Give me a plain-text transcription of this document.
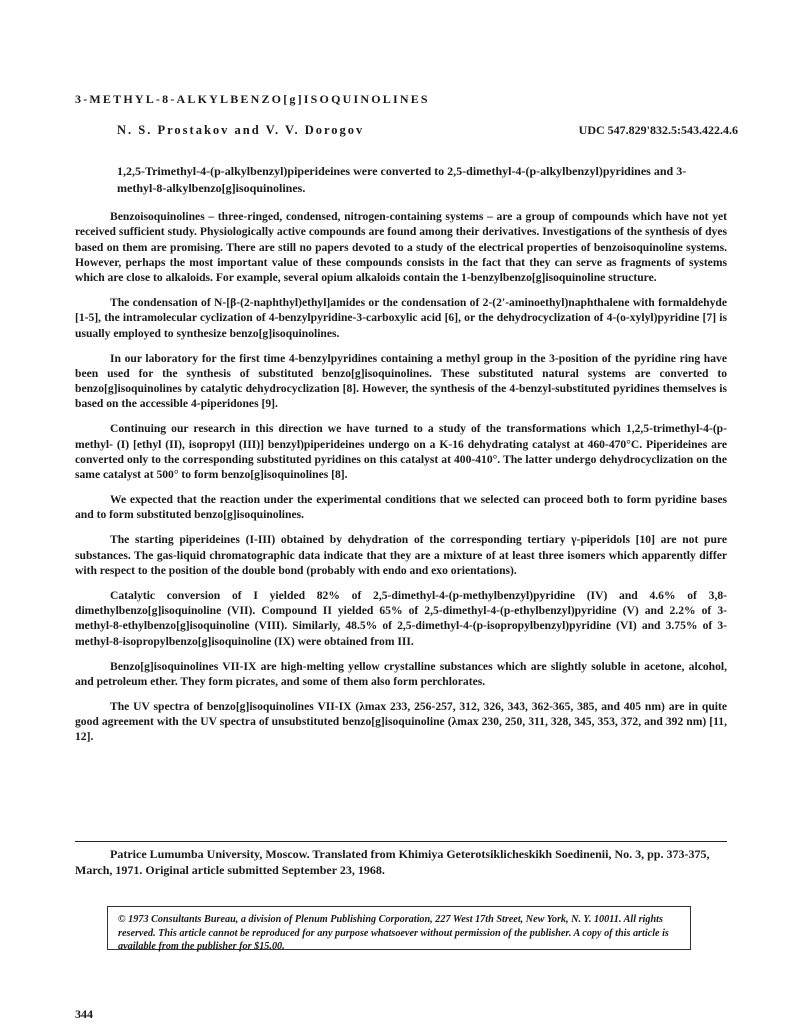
3-METHYL-8-ALKYLBENZO[g]ISOQUINOLINES
N. S. Prostakov and V. V. Dorogov	UDC 547.829'832.5:543.422.4.6
1,2,5-Trimethyl-4-(p-alkylbenzyl)piperideines were converted to 2,5-dimethyl-4-(p-alkylbenzyl)pyridines and 3-methyl-8-alkylbenzo[g]isoquinolines.

Benzoisoquinolines – three-ringed, condensed, nitrogen-containing systems – are a group of compounds which have not yet received sufficient study. Physiologically active compounds are found among their derivatives. Investigations of the synthesis of dyes based on them are promising. There are still no papers devoted to a study of the electrical properties of benzoisoquinoline systems. However, perhaps the most important value of these compounds consists in the fact that they can serve as fragments of systems which are close to alkaloids. For example, several opium alkaloids contain the 1-benzylbenzo[g]isoquinoline structure.

The condensation of N-[β-(2-naphthyl)ethyl]amides or the condensation of 2-(2'-aminoethyl)naphthalene with formaldehyde [1-5], the intramolecular cyclization of 4-benzylpyridine-3-carboxylic acid [6], or the dehydrocyclization of 4-(o-xylyl)pyridine [7] is usually employed to synthesize benzo[g]isoquinolines.

In our laboratory for the first time 4-benzylpyridines containing a methyl group in the 3-position of the pyridine ring have been used for the synthesis of substituted benzo[g]isoquinolines. These substituted natural systems are converted to benzo[g]isoquinolines by catalytic dehydrocyclization [8]. However, the synthesis of the 4-benzyl-substituted pyridines themselves is based on the accessible 4-piperidones [9].

Continuing our research in this direction we have turned to a study of the transformations which 1,2,5-trimethyl-4-(p-methyl- (I) [ethyl (II), isopropyl (III)] benzyl)piperideines undergo on a K-16 dehydrating catalyst at 460-470°C. Piperideines are converted only to the corresponding substituted pyridines on this catalyst at 400-410°. The latter undergo dehydrocyclization on the same catalyst at 500° to form benzo[g]isoquinolines [8].

We expected that the reaction under the experimental conditions that we selected can proceed both to form pyridine bases and to form substituted benzo[g]isoquinolines.

The starting piperideines (I-III) obtained by dehydration of the corresponding tertiary γ-piperidols [10] are not pure substances. The gas-liquid chromatographic data indicate that they are a mixture of at least three isomers which apparently differ with respect to the position of the double bond (probably with endo and exo orientations).

Catalytic conversion of I yielded 82% of 2,5-dimethyl-4-(p-methylbenzyl)pyridine (IV) and 4.6% of 3,8-dimethylbenzo[g]isoquinoline (VII). Compound II yielded 65% of 2,5-dimethyl-4-(p-ethylbenzyl)pyridine (V) and 2.2% of 3-methyl-8-ethylbenzo[g]isoquinoline (VIII). Similarly, 48.5% of 2,5-dimethyl-4-(p-isopropylbenzyl)pyridine (VI) and 3.75% of 3-methyl-8-isopropylbenzo[g]isoquinoline (IX) were obtained from III.

Benzo[g]isoquinolines VII-IX are high-melting yellow crystalline substances which are slightly soluble in acetone, alcohol, and petroleum ether. They form picrates, and some of them also form perchlorates.

The UV spectra of benzo[g]isoquinolines VII-IX (λmax 233, 256-257, 312, 326, 343, 362-365, 385, and 405 nm) are in quite good agreement with the UV spectra of unsubstituted benzo[g]isoquinoline (λmax 230, 250, 311, 328, 345, 353, 372, and 392 nm) [11, 12].

Patrice Lumumba University, Moscow. Translated from Khimiya Geterotsiklicheskikh Soedinenii, No. 3, pp. 373-375, March, 1971. Original article submitted September 23, 1968.
© 1973 Consultants Bureau, a division of Plenum Publishing Corporation, 227 West 17th Street, New York, N. Y. 10011. All rights reserved. This article cannot be reproduced for any purpose whatsoever without permission of the publisher. A copy of this article is available from the publisher for $15.00.
344
